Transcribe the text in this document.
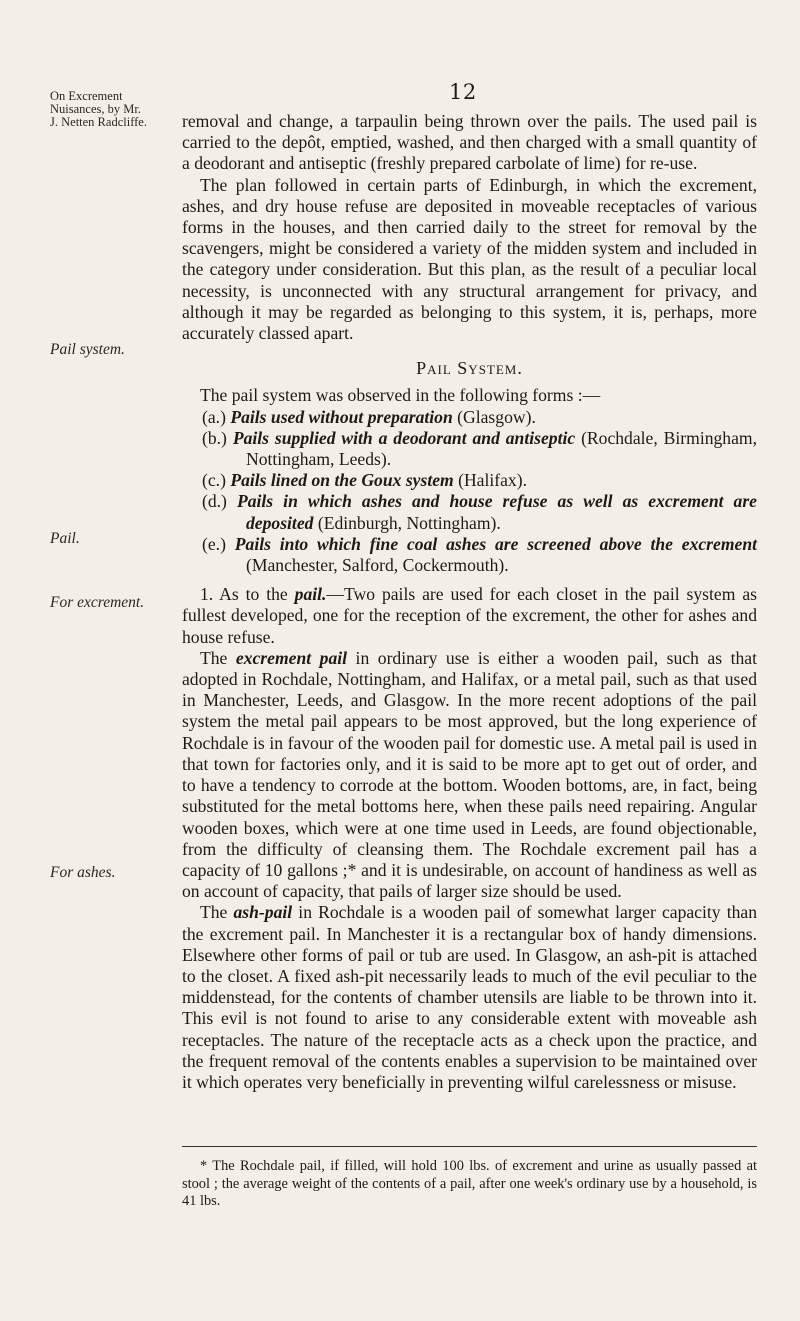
12
On Excrement Nuisances, by Mr. J. Netten Radcliffe.
Pail system.
Pail.
For excrement.
For ashes.

removal and change, a tarpaulin being thrown over the pails. The used pail is carried to the depôt, emptied, washed, and then charged with a small quantity of a deodorant and antiseptic (freshly prepared carbolate of lime) for re-use.

The plan followed in certain parts of Edinburgh, in which the excrement, ashes, and dry house refuse are deposited in moveable receptacles of various forms in the houses, and then carried daily to the street for removal by the scavengers, might be considered a variety of the midden system and included in the category under consideration. But this plan, as the result of a peculiar local necessity, is unconnected with any structural arrangement for privacy, and although it may be regarded as belonging to this system, it is, perhaps, more accurately classed apart.

Pail System.

The pail system was observed in the following forms :—

(a.) Pails used without preparation (Glasgow).
(b.) Pails supplied with a deodorant and antiseptic (Rochdale, Birmingham, Nottingham, Leeds).
(c.) Pails lined on the Goux system (Halifax).
(d.) Pails in which ashes and house refuse as well as excrement are deposited (Edinburgh, Nottingham).
(e.) Pails into which fine coal ashes are screened above the excrement (Manchester, Salford, Cockermouth).

1. As to the pail.—Two pails are used for each closet in the pail system as fullest developed, one for the reception of the excrement, the other for ashes and house refuse.

The excrement pail in ordinary use is either a wooden pail, such as that adopted in Rochdale, Nottingham, and Halifax, or a metal pail, such as that used in Manchester, Leeds, and Glasgow. In the more recent adoptions of the pail system the metal pail appears to be most approved, but the long experience of Rochdale is in favour of the wooden pail for domestic use. A metal pail is used in that town for factories only, and it is said to be more apt to get out of order, and to have a tendency to corrode at the bottom. Wooden bottoms, are, in fact, being substituted for the metal bottoms here, when these pails need repairing. Angular wooden boxes, which were at one time used in Leeds, are found objectionable, from the difficulty of cleansing them. The Rochdale excrement pail has a capacity of 10 gallons ;* and it is undesirable, on account of handiness as well as on account of capacity, that pails of larger size should be used.

The ash-pail in Rochdale is a wooden pail of somewhat larger capacity than the excrement pail. In Manchester it is a rectangular box of handy dimensions. Elsewhere other forms of pail or tub are used. In Glasgow, an ash-pit is attached to the closet. A fixed ash-pit necessarily leads to much of the evil peculiar to the middenstead, for the contents of chamber utensils are liable to be thrown into it. This evil is not found to arise to any considerable extent with moveable ash receptacles. The nature of the receptacle acts as a check upon the practice, and the frequent removal of the contents enables a supervision to be maintained over it which operates very beneficially in preventing wilful carelessness or misuse.

* The Rochdale pail, if filled, will hold 100 lbs. of excrement and urine as usually passed at stool ; the average weight of the contents of a pail, after one week's ordinary use by a household, is 41 lbs.
